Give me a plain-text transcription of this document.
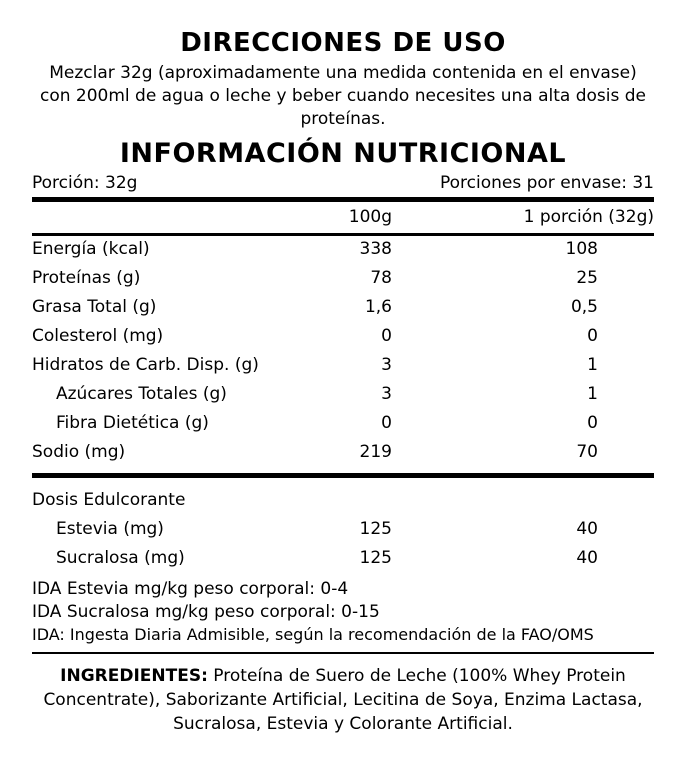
DIRECCIONES DE USO
Mezclar 32g (aproximadamente una medida contenida en el envase) con 200ml de agua o leche y beber cuando necesites una alta dosis de proteínas.
INFORMACIÓN NUTRICIONAL
Porción: 32g	Porciones por envase: 31
100g	1 porción (32g)
Energía (kcal)	338	108
Proteínas (g)	78	25
Grasa Total (g)	1,6	0,5
Colesterol (mg)	0	0
Hidratos de Carb. Disp. (g)	3	1
Azúcares Totales (g)	3	1
Fibra Dietética (g)	0	0
Sodio (mg)	219	70
Dosis Edulcorante
Estevia (mg)	125	40
Sucralosa (mg)	125	40
IDA Estevia mg/kg peso corporal: 0-4
IDA Sucralosa mg/kg peso corporal: 0-15
IDA: Ingesta Diaria Admisible, según la recomendación de la FAO/OMS
INGREDIENTES: Proteína de Suero de Leche (100% Whey Protein Concentrate), Saborizante Artificial, Lecitina de Soya, Enzima Lactasa, Sucralosa, Estevia y Colorante Artificial.
